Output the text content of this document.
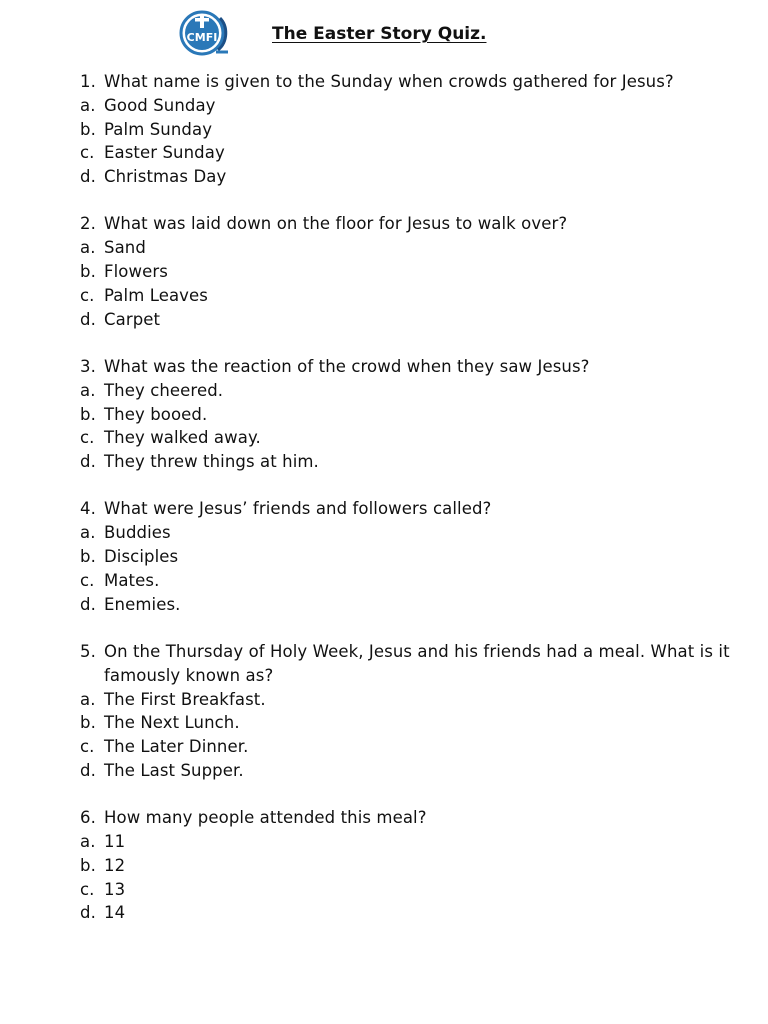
CMFI	The Easter Story Quiz.
1. What name is given to the Sunday when crowds gathered for Jesus?
a. Good Sunday
b. Palm Sunday
c. Easter Sunday
d. Christmas Day
2. What was laid down on the floor for Jesus to walk over?
a. Sand
b. Flowers
c. Palm Leaves
d. Carpet
3. What was the reaction of the crowd when they saw Jesus?
a. They cheered.
b. They booed.
c. They walked away.
d. They threw things at him.
4. What were Jesus’ friends and followers called?
a. Buddies
b. Disciples
c. Mates.
d. Enemies.
5. On the Thursday of Holy Week, Jesus and his friends had a meal. What is it famously known as?
a. The First Breakfast.
b. The Next Lunch.
c. The Later Dinner.
d. The Last Supper.
6. How many people attended this meal?
a. 11
b. 12
c. 13
d. 14
